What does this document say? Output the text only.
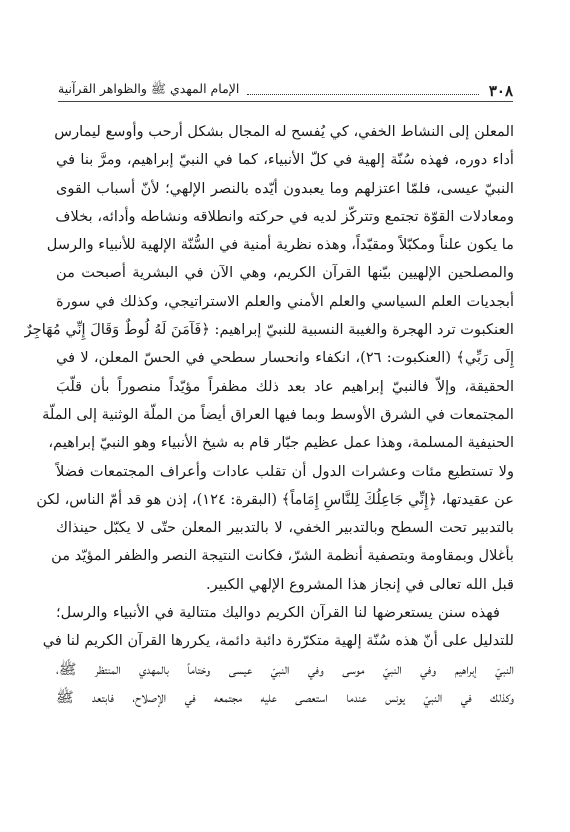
٣٠٨
الإمام المهدي ﷺ والظواهر القرآنية
المعلن إلى النشاط الخفي، كي يُفسح له المجال بشكل أرحب وأوسع ليمارس
أداء دوره، فهذه سُنّة إلهية في كلّ الأنبياء، كما في النبيّ إبراهيم، ومرَّ بنا في
النبيّ عيسى، فلمّا اعتزلهم وما يعبدون أيّده بالنصر الإلهي؛ لأنّ أسباب القوى
ومعادلات القوّة تجتمع وتتركّز لديه في حركته وانطلاقه ونشاطه وأدائه، بخلاف
ما يكون علناً ومكبّلاً ومقيّداً، وهذه نظرية أمنية في السُّنّة الإلهية للأنبياء والرسل
والمصلحين الإلهيين بيّنها القرآن الكريم، وهي الآن في البشرية أصبحت من
أبجديات العلم السياسي والعلم الأمني والعلم الاستراتيجي، وكذلك في سورة
العنكبوت ترد الهجرة والغيبة النسبية للنبيّ إبراهيم: ﴿فَآمَنَ لَهُ لُوطٌ وَقَالَ إِنِّي مُهَاجِرٌ
إِلَى رَبِّي﴾ (العنكبوت: ٢٦)، انكفاء وانحسار سطحي في الحسّ المعلن، لا في
الحقيقة، وإلاّ فالنبيّ إبراهيم عاد بعد ذلك مظفراً مؤيّداً منصوراً بأن قلّبَ
المجتمعات في الشرق الأوسط وبما فيها العراق أيضاً من الملّة الوثنية إلى الملّة
الحنيفية المسلمة، وهذا عمل عظيم جبّار قام به شيخ الأنبياء وهو النبيّ إبراهيم،
ولا تستطيع مئات وعشرات الدول أن تقلب عادات وأعراف المجتمعات فضلاً
عن عقيدتها، ﴿إِنِّي جَاعِلُكَ لِلنَّاسِ إِمَاماً﴾ (البقرة: ١٢٤)، إذن هو قد أمّ الناس، لكن
بالتدبير تحت السطح وبالتدبير الخفي، لا بالتدبير المعلن حتّى لا يكبّل حينذاك
بأغلال وبمقاومة وبتصفية أنظمة الشرّ، فكانت النتيجة النصر والظفر المؤيّد من
قبل الله تعالى في إنجاز هذا المشروع الإلهي الكبير.
فهذه سنن يستعرضها لنا القرآن الكريم دواليك متتالية في الأنبياء والرسل؛
للتدليل على أنّ هذه سُنّة إلهية متكرّرة دائبة دائمة، يكررها القرآن الكريم لنا في
النبيّ إبراهيم وفي النبيّ موسى وفي النبيّ عيسى وختاماً بالمهدي المنتظر ﷺ،
وكذلك في النبيّ يونس عندما استعصى عليه مجتمعه في الإصلاح، فابتعد ﷺ
